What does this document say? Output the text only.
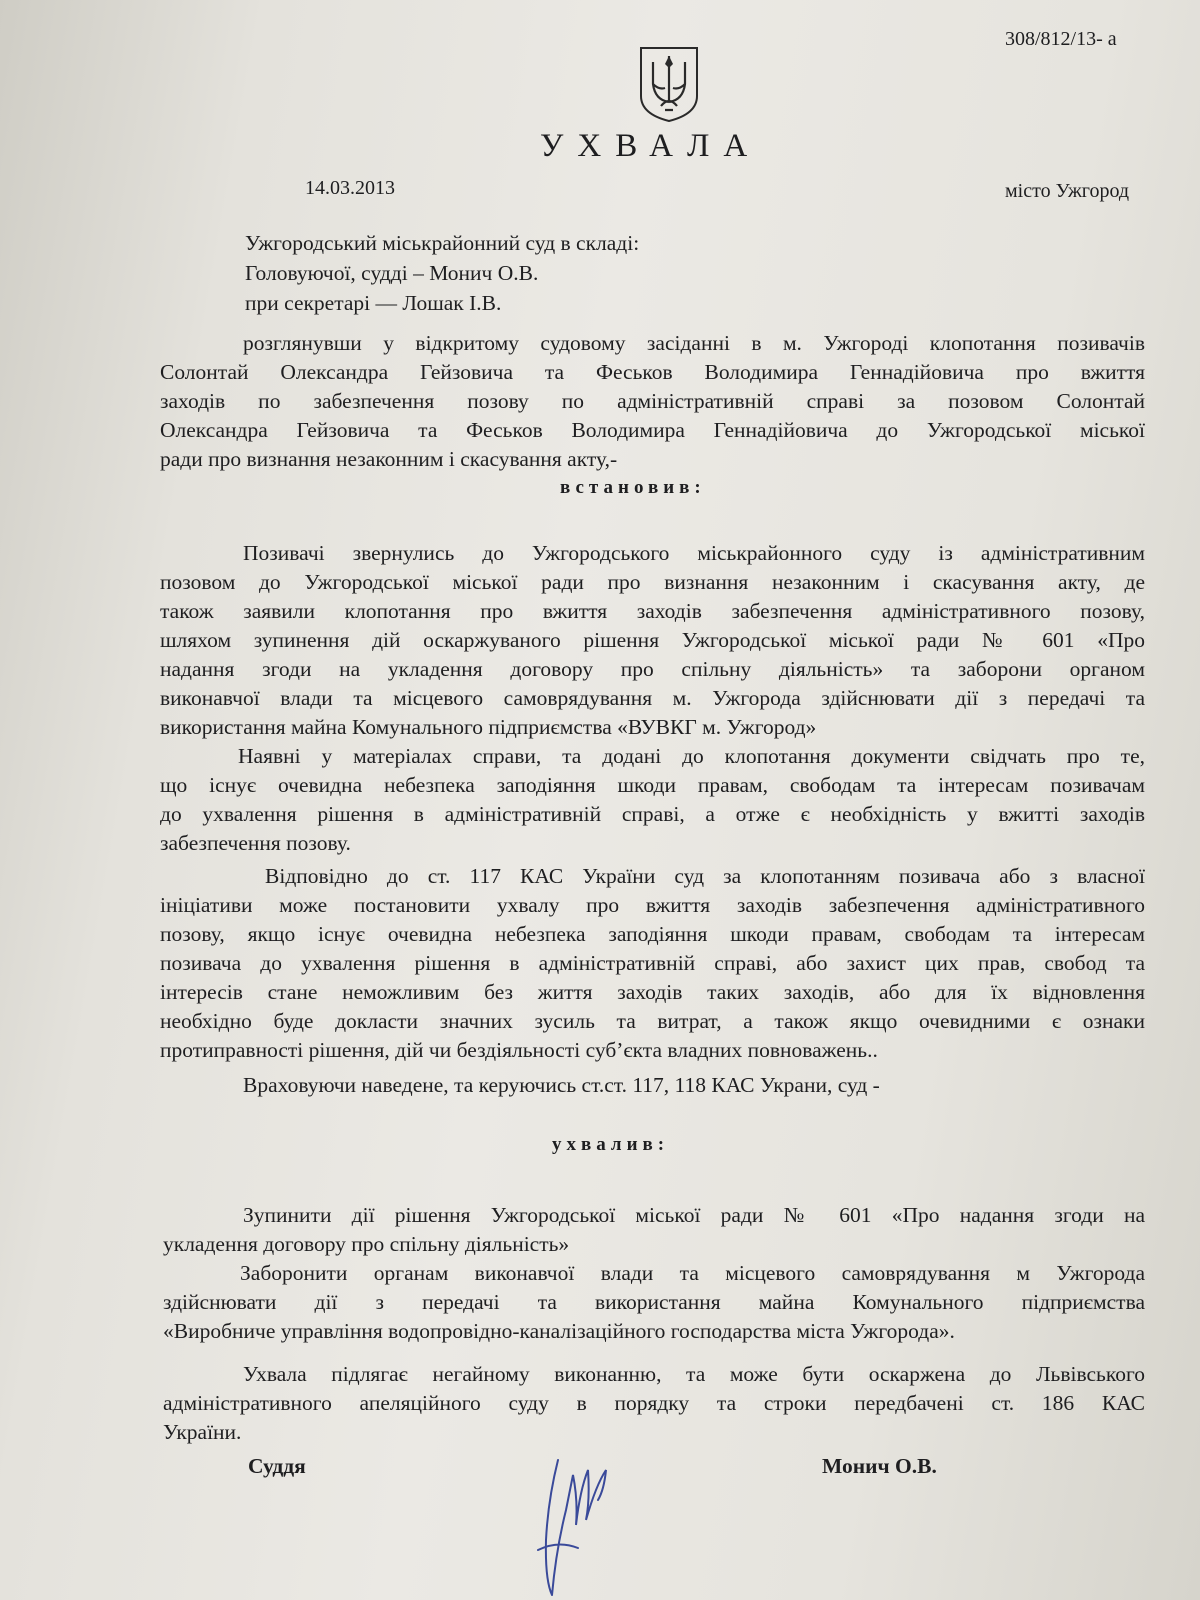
308/812/13- а
УХВАЛА
14.03.2013	місто Ужгород
Ужгородський міськрайонний суд в складі:
Головуючої, судді – Монич О.В.
при секретарі — Лошак І.В.
розглянувши у відкритому судовому засіданні в м. Ужгороді клопотання позивачів
Солонтай Олександра Гейзовича та Феськов Володимира Геннадійовича про вжиття
заходів по забезпечення позову по адміністративній справі за позовом Солонтай
Олександра Гейзовича та Феськов Володимира Геннадійовича до Ужгородської міської
ради про визнання незаконним і скасування акту,-
встановив:
Позивачі звернулись до Ужгородського міськрайонного суду із адміністративним
позовом до Ужгородської міської ради про визнання незаконним і скасування акту, де
також заявили клопотання про вжиття заходів забезпечення адміністративного позову,
шляхом зупинення дій оскаржуваного рішення Ужгородської міської ради № 601 «Про
надання згоди на укладення договору про спільну діяльність» та заборони органом
виконавчої влади та місцевого самоврядування м. Ужгорода здійснювати дії з передачі та
використання майна Комунального підприємства «ВУВКГ м. Ужгород»
Наявні у матеріалах справи, та додані до клопотання документи свідчать про те,
що існує очевидна небезпека заподіяння шкоди правам, свободам та інтересам позивачам
до ухвалення рішення в адміністративній справі, а отже є необхідність у вжитті заходів
забезпечення позову.
Відповідно до ст. 117 КАС України суд за клопотанням позивача або з власної
ініціативи може постановити ухвалу про вжиття заходів забезпечення адміністративного
позову, якщо існує очевидна небезпека заподіяння шкоди правам, свободам та інтересам
позивача до ухвалення рішення в адміністративній справі, або захист цих прав, свобод та
інтересів стане неможливим без життя заходів таких заходів, або для їх відновлення
необхідно буде докласти значних зусиль та витрат, а також якщо очевидними є ознаки
протиправності рішення, дій чи бездіяльності суб’єкта владних повноважень..
Враховуючи наведене, та керуючись ст.ст. 117, 118 КАС Украни, суд -
ухвалив:
Зупинити дії рішення Ужгородської міської ради № 601 «Про надання згоди на
укладення договору про спільну діяльність»
Заборонити органам виконавчої влади та місцевого самоврядування м Ужгорода
здійснювати дії з передачі та використання майна Комунального підприємства
«Виробниче управління водопровідно-каналізаційного господарства міста Ужгорода».
Ухвала підлягає негайному виконанню, та може бути оскаржена до Львівського
адміністративного апеляційного суду в порядку та строки передбачені ст. 186 КАС
України.
Суддя	Монич О.В.
